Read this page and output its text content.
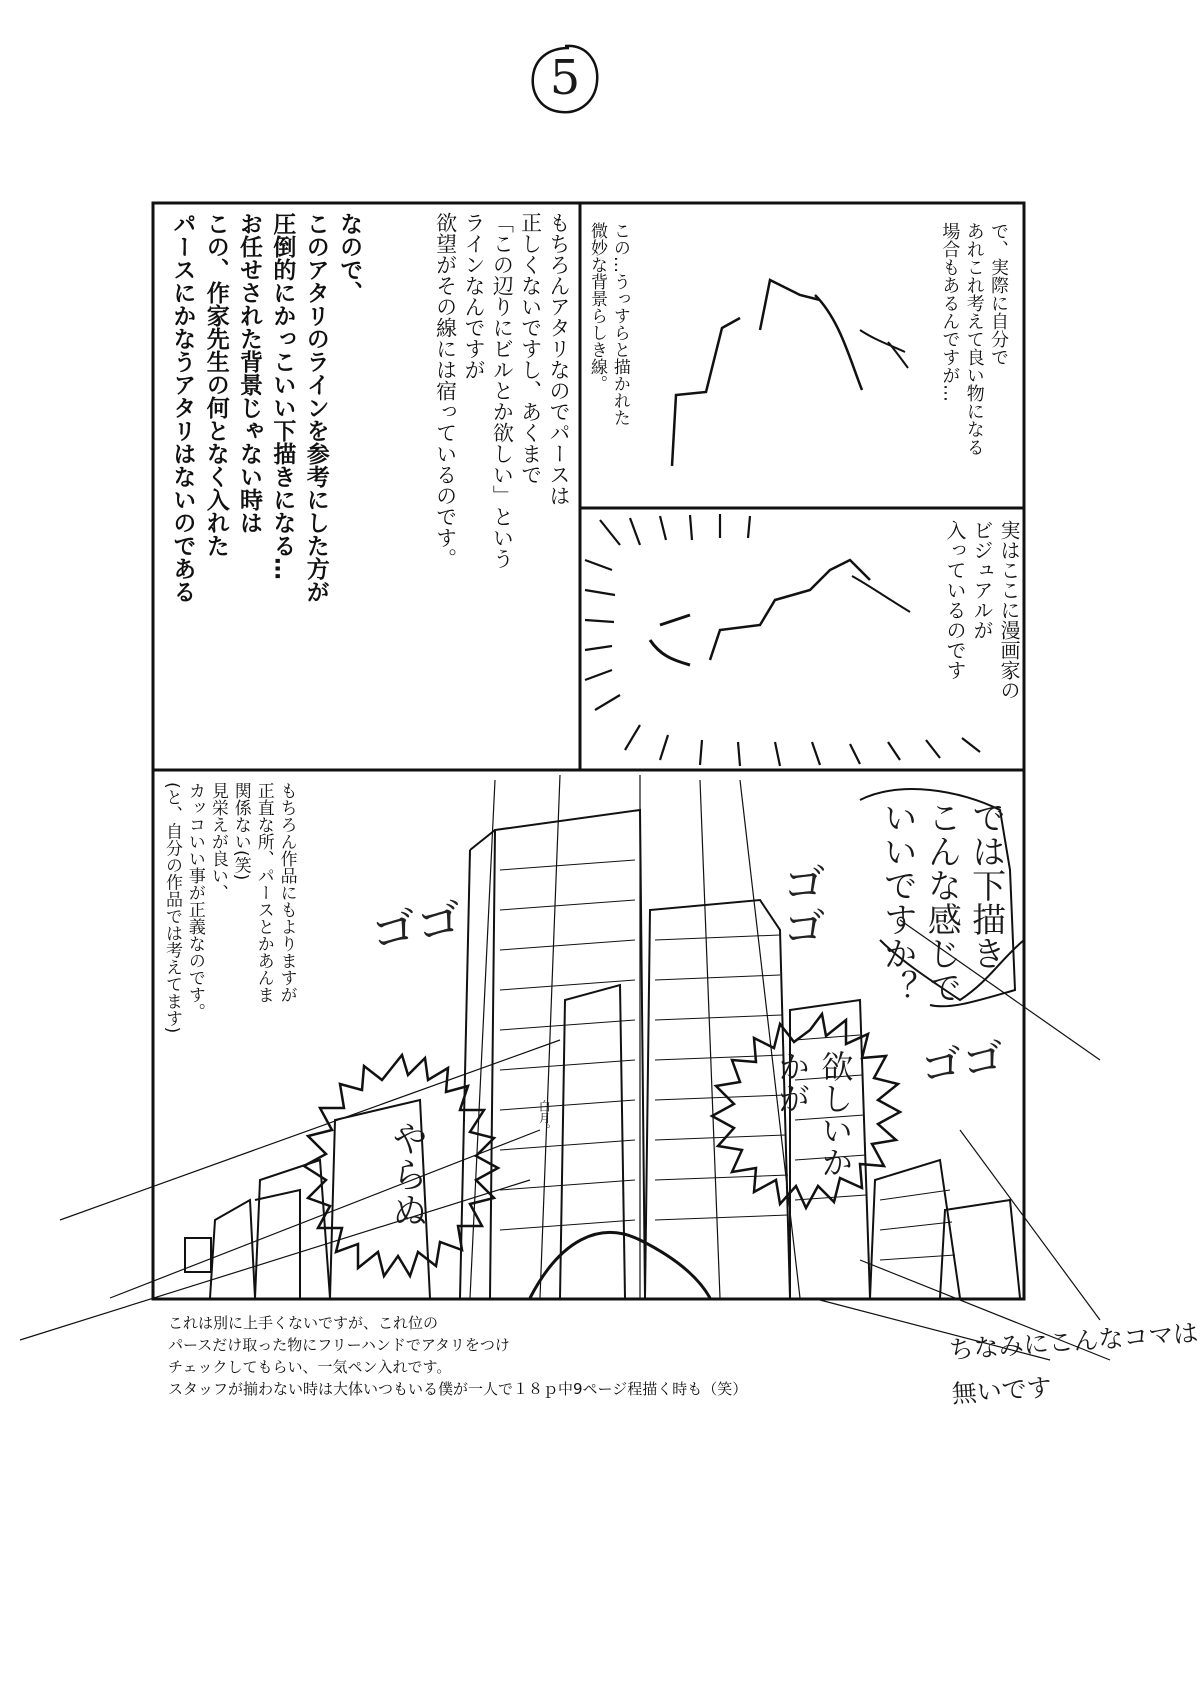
5
で、実際に自分で
あれこれ考えて良い物になる
場合もあるんですが…
この…うっすらと描かれた
微妙な背景らしき線。
実はここに漫画家の
ビジュアルが
入っているのです
もちろんアタリなのでパースは
正しくないですし、あくまで
「この辺りにビルとか欲しい」という
ラインなんですが
欲望がその線には宿っているのです。
なので、
このアタリのラインを参考にした方が
圧倒的にかっこいい下描きになる…
お任せされた背景じゃない時は
この、作家先生の何となく入れた
パースにかなうアタリはないのである
もちろん作品にもよりますが
正直な所、パースとかあんま
関係ない(笑)
見栄えが良い、
カッコいい事が正義なのです。
(と、自分の作品では考えてます)	では下描き
こんな感じで
いいですか？
やらぬ	欲しいか
かが
ゴゴ	ゴゴ
ゴゴ
白月。
これは別に上手くないですが、これ位の
パースだけ取った物にフリーハンドでアタリをつけ
チェックしてもらい、一気ペン入れです。
スタッフが揃わない時は大体いつもいる僕が一人で１８ｐ中9ページ程描く時も（笑）
ちなみにこんなコマは
無いです
